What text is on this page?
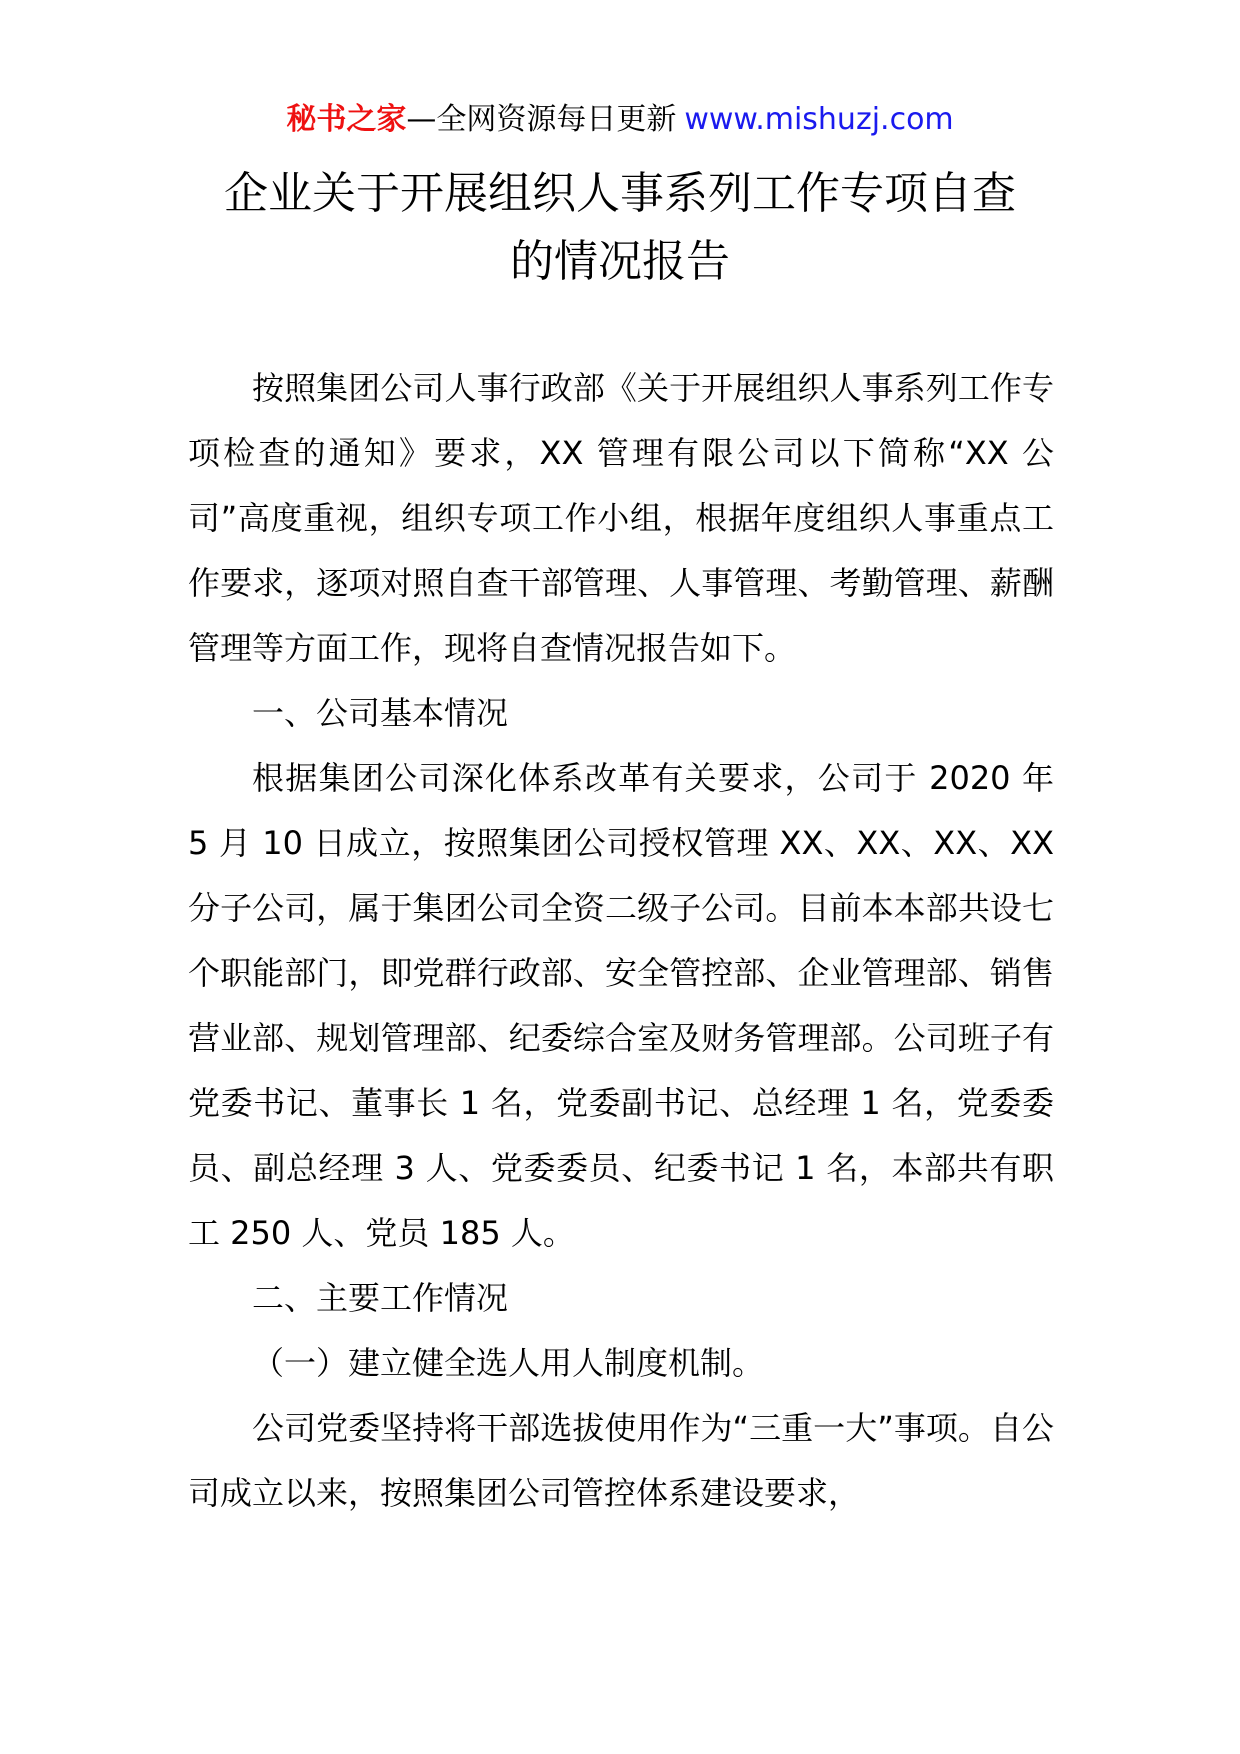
秘书之家—全网资源每日更新 www.mishuzj.com
企业关于开展组织人事系列工作专项自查
的情况报告

按照集团公司人事行政部《关于开展组织人事系列工作专项检查的通知》要求，XX 管理有限公司以下简称“XX 公司”高度重视，组织专项工作小组，根据年度组织人事重点工作要求，逐项对照自查干部管理、人事管理、考勤管理、薪酬管理等方面工作，现将自查情况报告如下。

一、公司基本情况

根据集团公司深化体系改革有关要求，公司于 2020 年 5 月 10 日成立，按照集团公司授权管理 XX、XX、XX、XX 分子公司，属于集团公司全资二级子公司。目前本本部共设七个职能部门，即党群行政部、安全管控部、企业管理部、销售营业部、规划管理部、纪委综合室及财务管理部。公司班子有党委书记、董事长 1 名，党委副书记、总经理 1 名，党委委员、副总经理 3 人、党委委员、纪委书记 1 名，本部共有职工 250 人、党员 185 人。

二、主要工作情况

（一）建立健全选人用人制度机制。

公司党委坚持将干部选拔使用作为“三重一大”事项。自公司成立以来，按照集团公司管控体系建设要求，
